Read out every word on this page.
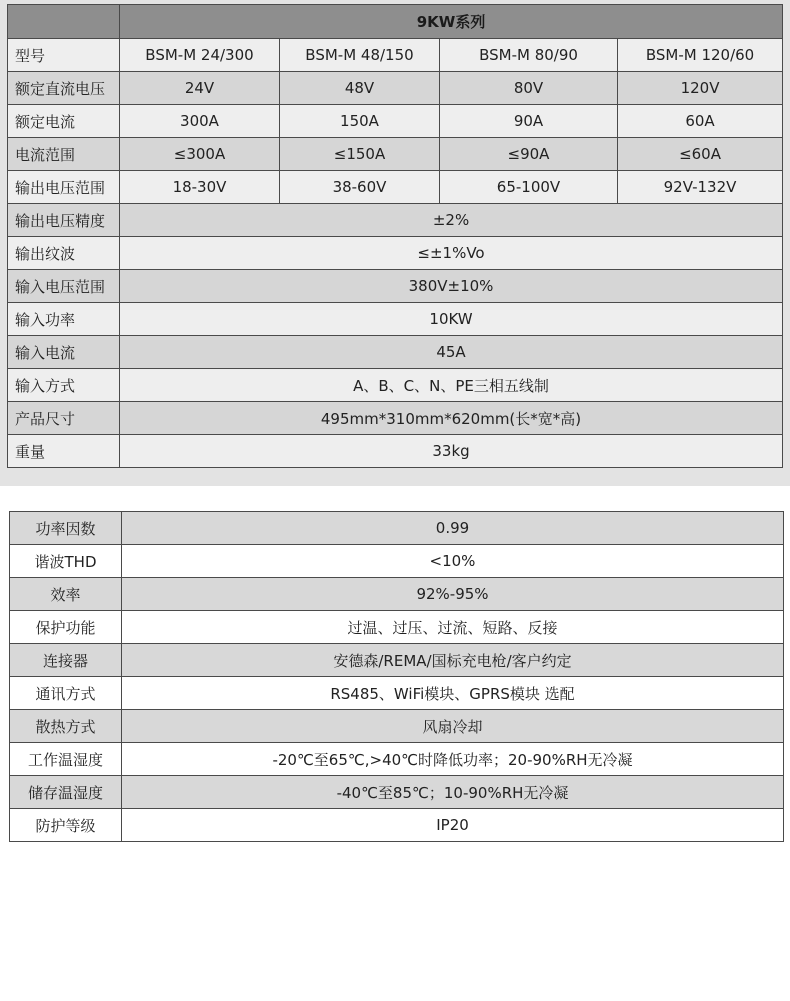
	9KW系列			
型号	BSM-M 24/300	BSM-M 48/150	BSM-M 80/90	BSM-M 120/60
额定直流电压	24V	48V	80V	120V
额定电流	300A	150A	90A	60A
电流范围	≤300A	≤150A	≤90A	≤60A
输出电压范围	18-30V	38-60V	65-100V	92V-132V
输出电压精度	±2%			
输出纹波	≤±1%Vo			
输入电压范围	380V±10%			
输入功率	10KW			
输入电流	45A			
输入方式	A、B、C、N、PE三相五线制			
产品尺寸	495mm*310mm*620mm(长*宽*高)			
重量	33kg			
功率因数	0.99
谐波THD	<10%
效率	92%-95%
保护功能	过温、过压、过流、短路、反接
连接器	安德森/REMA/国标充电枪/客户约定
通讯方式	RS485、WiFi模块、GPRS模块 选配
散热方式	风扇冷却
工作温湿度	-20℃至65℃,>40℃时降低功率；20-90%RH无冷凝
储存温湿度	-40℃至85℃；10-90%RH无冷凝
防护等级	IP20
